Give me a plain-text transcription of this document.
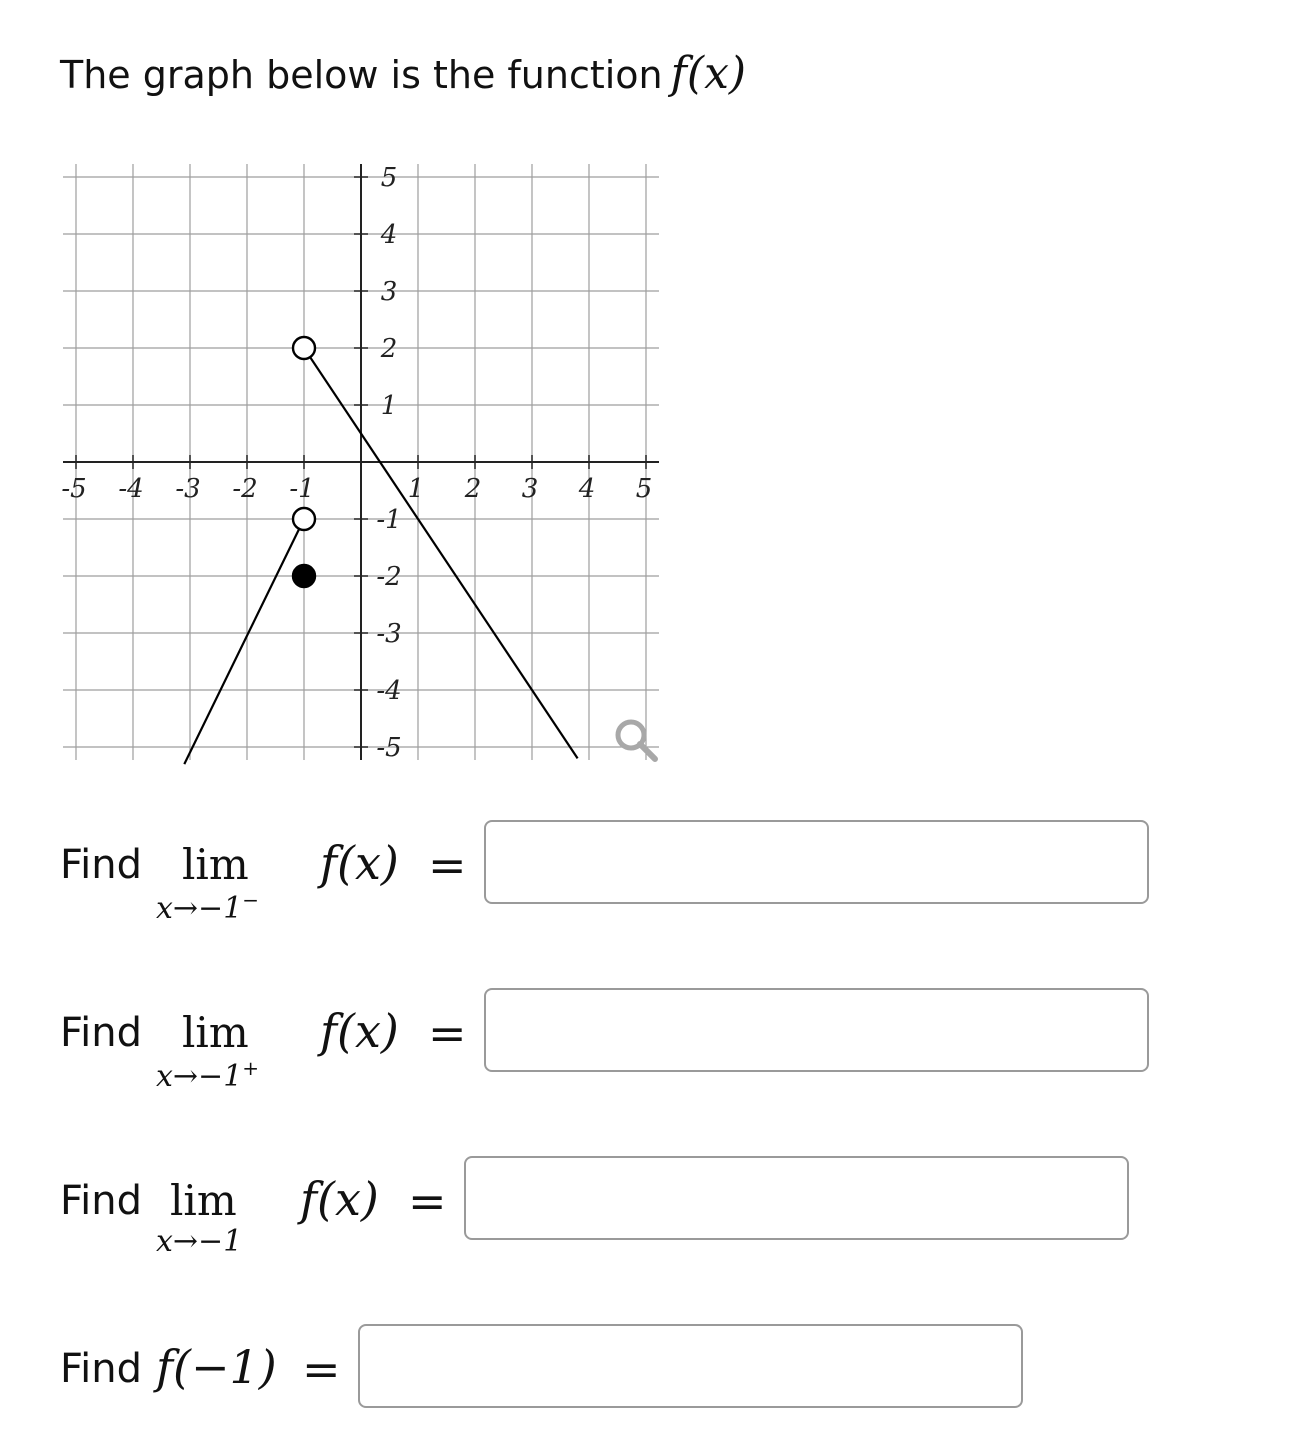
The graph below is the function f(x)
-5 -4 -3 -2 -1	1 2 3 4 5
5
4
3
2
1
-1
-2
-3
-4
-5
Find lim
x→−1−
f(x) =
Find lim
x→−1+
f(x) =
Find lim
x→−1
f(x) =
Find f(−1) =
